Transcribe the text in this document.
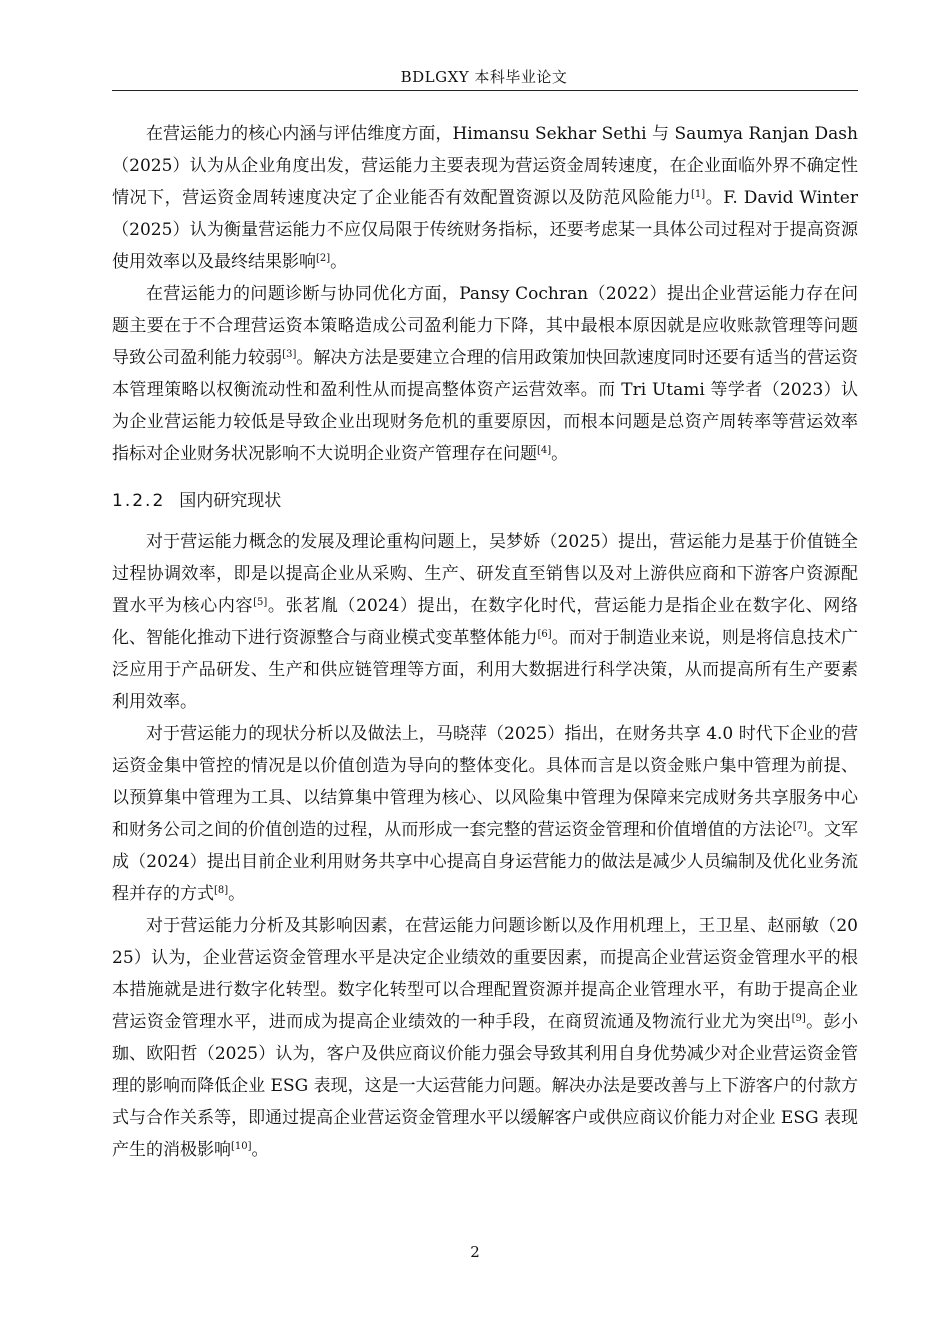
BDLGXY 本科毕业论文

在营运能力的核心内涵与评估维度方面，Himansu Sekhar Sethi 与 Saumya Ranjan Dash（2025）认为从企业角度出发，营运能力主要表现为营运资金周转速度，在企业面临外界不确定性情况下，营运资金周转速度决定了企业能否有效配置资源以及防范风险能力[1]。F. David Winter（2025）认为衡量营运能力不应仅局限于传统财务指标，还要考虑某一具体公司过程对于提高资源使用效率以及最终结果影响[2]。

在营运能力的问题诊断与协同优化方面，Pansy Cochran（2022）提出企业营运能力存在问题主要在于不合理营运资本策略造成公司盈利能力下降，其中最根本原因就是应收账款管理等问题导致公司盈利能力较弱[3]。解决方法是要建立合理的信用政策加快回款速度同时还要有适当的营运资本管理策略以权衡流动性和盈利性从而提高整体资产运营效率。而 Tri Utami 等学者（2023）认为企业营运能力较低是导致企业出现财务危机的重要原因，而根本问题是总资产周转率等营运效率指标对企业财务状况影响不大说明企业资产管理存在问题[4]。

1.2.2 国内研究现状

对于营运能力概念的发展及理论重构问题上，吴梦娇（2025）提出，营运能力是基于价值链全过程协调效率，即是以提高企业从采购、生产、研发直至销售以及对上游供应商和下游客户资源配置水平为核心内容[5]。张茗胤（2024）提出，在数字化时代，营运能力是指企业在数字化、网络化、智能化推动下进行资源整合与商业模式变革整体能力[6]。而对于制造业来说，则是将信息技术广泛应用于产品研发、生产和供应链管理等方面，利用大数据进行科学决策，从而提高所有生产要素利用效率。

对于营运能力的现状分析以及做法上，马晓萍（2025）指出，在财务共享 4.0 时代下企业的营运资金集中管控的情况是以价值创造为导向的整体变化。具体而言是以资金账户集中管理为前提、以预算集中管理为工具、以结算集中管理为核心、以风险集中管理为保障来完成财务共享服务中心和财务公司之间的价值创造的过程，从而形成一套完整的营运资金管理和价值增值的方法论[7]。文军成（2024）提出目前企业利用财务共享中心提高自身运营能力的做法是减少人员编制及优化业务流程并存的方式[8]。

对于营运能力分析及其影响因素，在营运能力问题诊断以及作用机理上，王卫星、赵丽敏（2025）认为，企业营运资金管理水平是决定企业绩效的重要因素，而提高企业营运资金管理水平的根本措施就是进行数字化转型。数字化转型可以合理配置资源并提高企业管理水平，有助于提高企业营运资金管理水平，进而成为提高企业绩效的一种手段，在商贸流通及物流行业尤为突出[9]。彭小珈、欧阳哲（2025）认为，客户及供应商议价能力强会导致其利用自身优势减少对企业营运资金管理的影响而降低企业 ESG 表现，这是一大运营能力问题。解决办法是要改善与上下游客户的付款方式与合作关系等，即通过提高企业营运资金管理水平以缓解客户或供应商议价能力对企业 ESG 表现产生的消极影响[10]。

2
